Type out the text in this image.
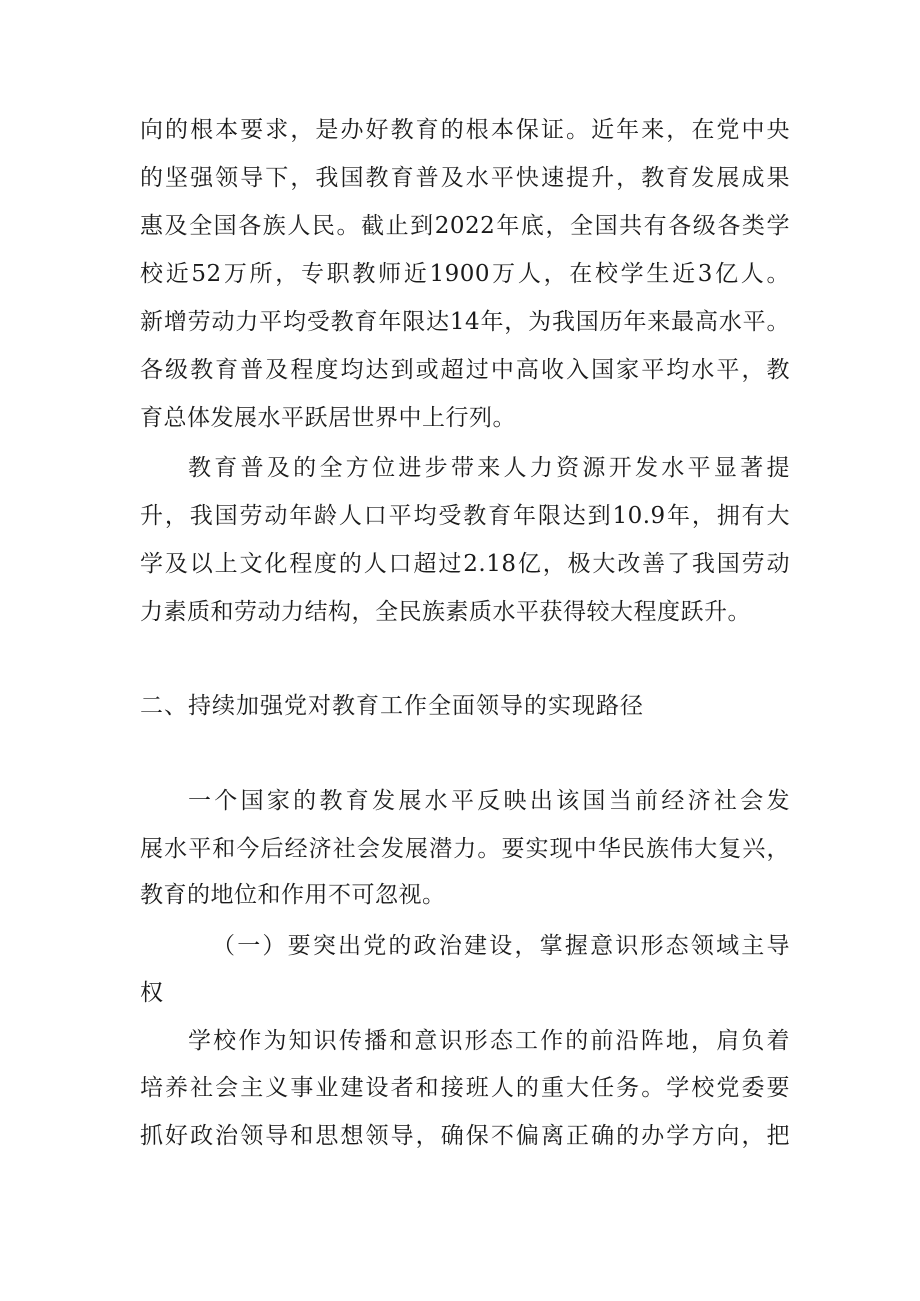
向的根本要求，是办好教育的根本保证。近年来，在党中央
的坚强领导下，我国教育普及水平快速提升，教育发展成果
惠及全国各族人民。截止到2022年底，全国共有各级各类学
校近52万所，专职教师近1900万人，在校学生近3亿人。
新增劳动力平均受教育年限达14年，为我国历年来最高水平。
各级教育普及程度均达到或超过中高收入国家平均水平，教
育总体发展水平跃居世界中上行列。
教育普及的全方位进步带来人力资源开发水平显著提
升，我国劳动年龄人口平均受教育年限达到10.9年，拥有大
学及以上文化程度的人口超过2.18亿，极大改善了我国劳动
力素质和劳动力结构，全民族素质水平获得较大程度跃升。
二、持续加强党对教育工作全面领导的实现路径
一个国家的教育发展水平反映出该国当前经济社会发
展水平和今后经济社会发展潜力。要实现中华民族伟大复兴，
教育的地位和作用不可忽视。
（一）要突出党的政治建设，掌握意识形态领域主导
权
学校作为知识传播和意识形态工作的前沿阵地，肩负着
培养社会主义事业建设者和接班人的重大任务。学校党委要
抓好政治领导和思想领导，确保不偏离正确的办学方向，把
